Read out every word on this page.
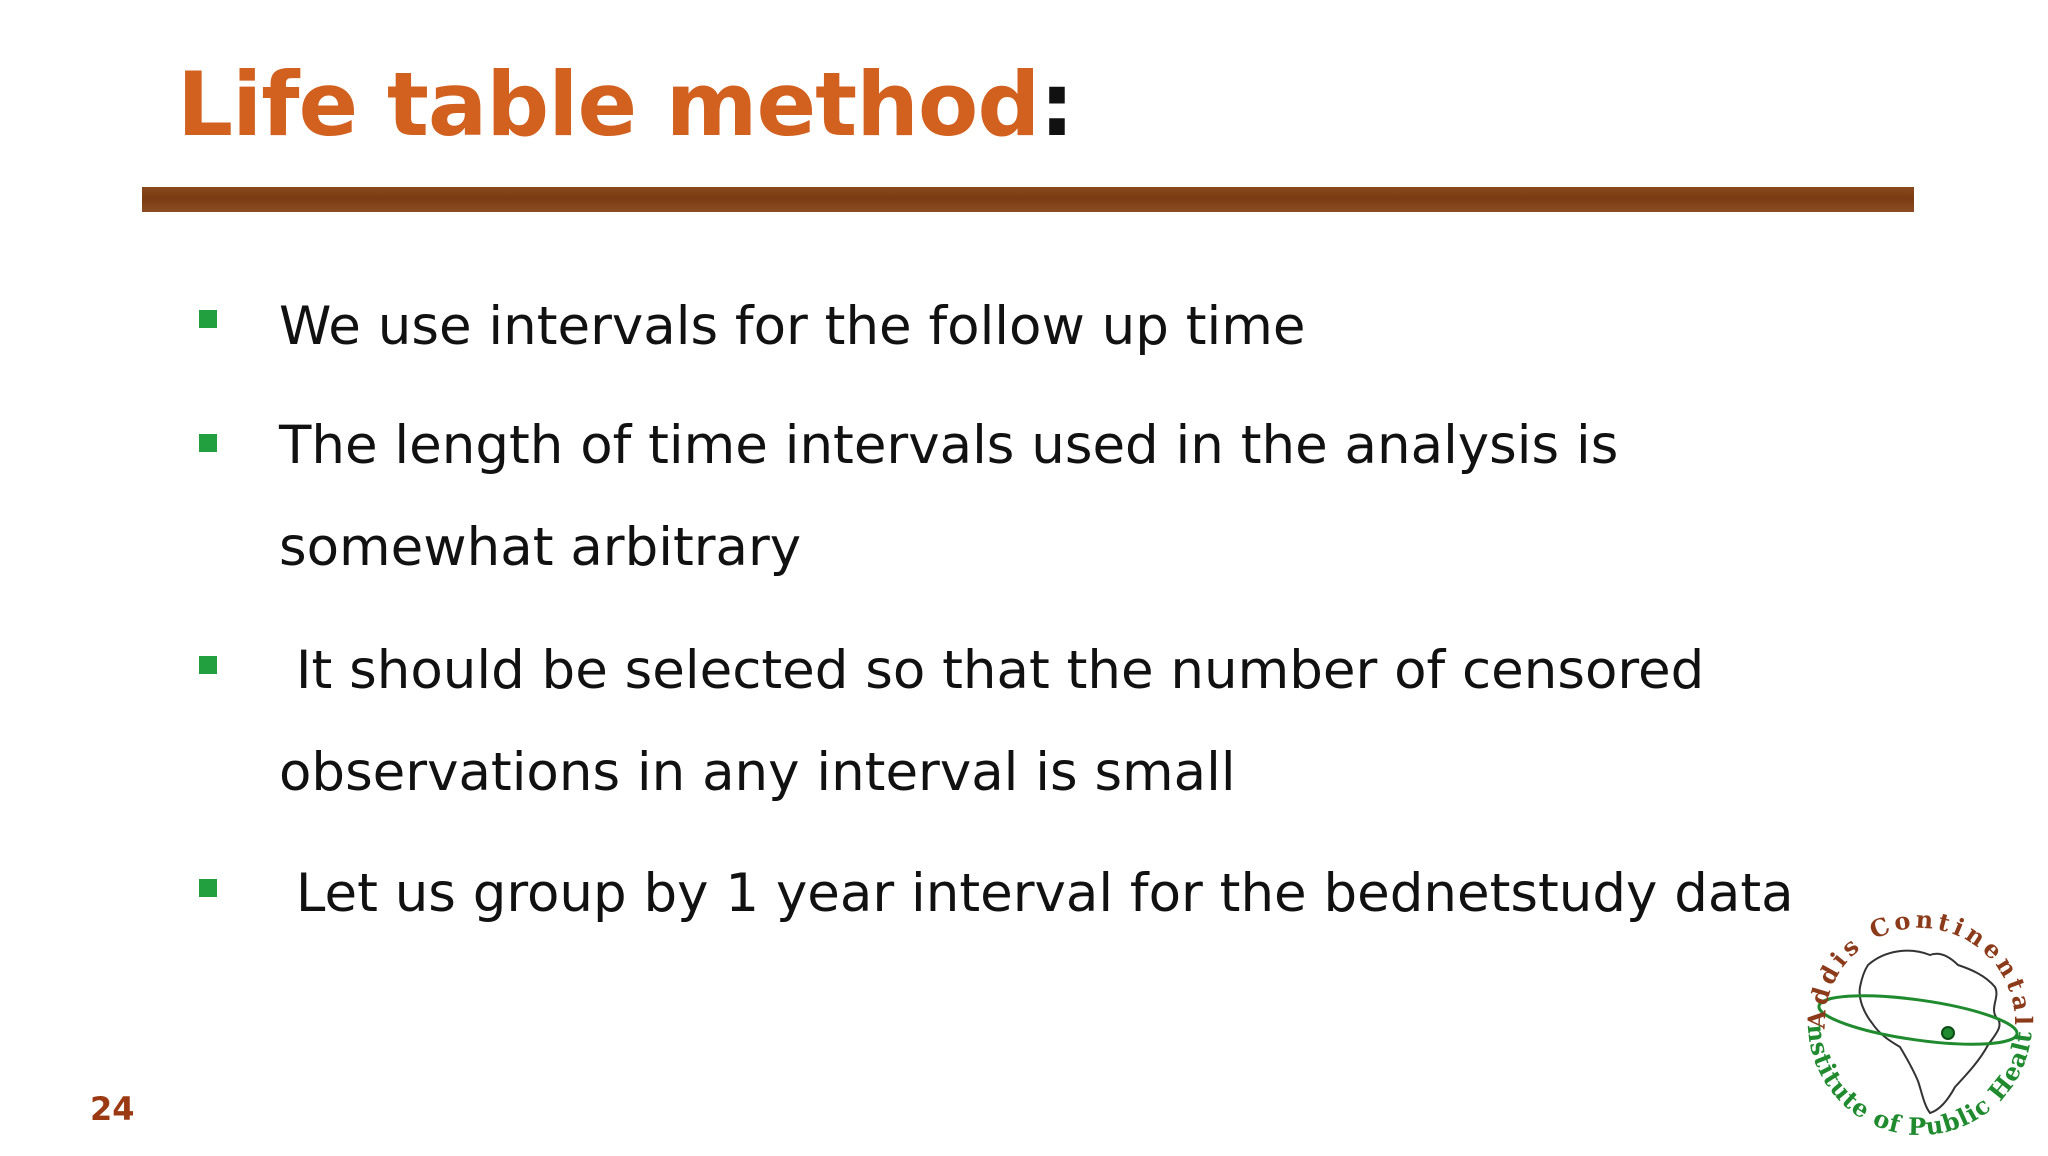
Life table method:
We use intervals for the follow up time
The length of time intervals used in the analysis is
somewhat arbitrary
It should be selected so that the number of censored
observations in any interval is small
Let us group by 1 year interval for the bednetstudy data
24
Addis Continental
nstitute of Public Healt
